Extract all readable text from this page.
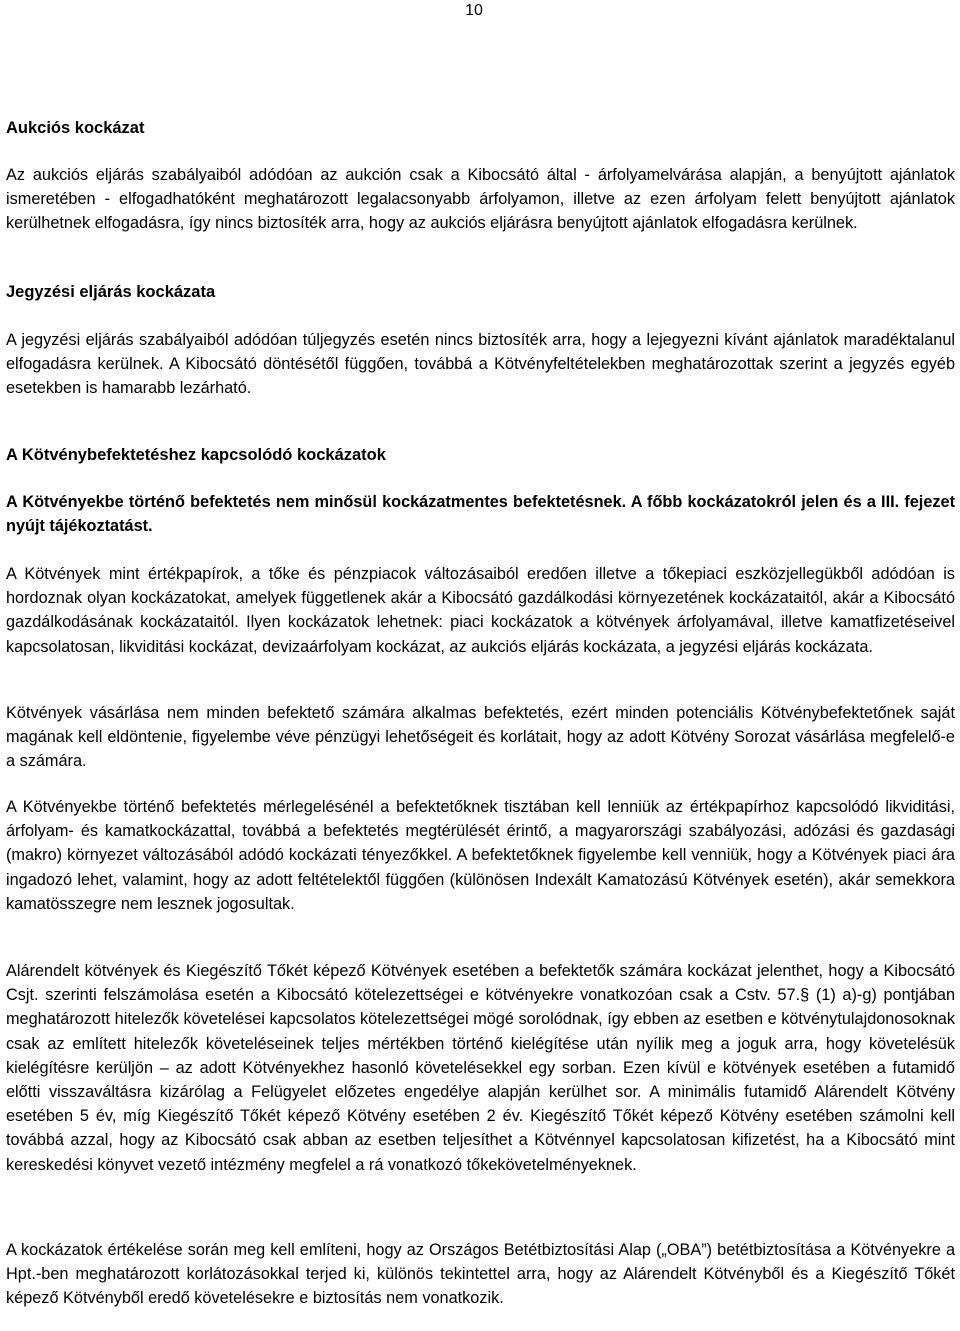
10
Aukciós kockázat

Az aukciós eljárás szabályaiból adódóan az aukción csak a Kibocsátó által - árfolyamelvárása alapján, a benyújtott ajánlatok ismeretében - elfogadhatóként meghatározott legalacsonyabb árfolyamon, illetve az ezen árfolyam felett benyújtott ajánlatok kerülhetnek elfogadásra, így nincs biztosíték arra, hogy az aukciós eljárásra benyújtott ajánlatok elfogadásra kerülnek.

Jegyzési eljárás kockázata

A jegyzési eljárás szabályaiból adódóan túljegyzés esetén nincs biztosíték arra, hogy a lejegyezni kívánt ajánlatok maradéktalanul elfogadásra kerülnek. A Kibocsátó döntésétől függően, továbbá a Kötvényfeltételekben meghatározottak szerint a jegyzés egyéb esetekben is hamarabb lezárható.

A Kötvénybefektetéshez kapcsolódó kockázatok

A Kötvényekbe történő befektetés nem minősül kockázatmentes befektetésnek. A főbb kockázatokról jelen és a III. fejezet nyújt tájékoztatást.

A Kötvények mint értékpapírok, a tőke és pénzpiacok változásaiból eredően illetve a tőkepiaci eszközjellegükből adódóan is hordoznak olyan kockázatokat, amelyek függetlenek akár a Kibocsátó gazdálkodási környezetének kockázataitól, akár a Kibocsátó gazdálkodásának kockázataitól. Ilyen kockázatok lehetnek: piaci kockázatok a kötvények árfolyamával, illetve kamatfizetéseivel kapcsolatosan, likviditási kockázat, devizaárfolyam kockázat, az aukciós eljárás kockázata, a jegyzési eljárás kockázata.

Kötvények vásárlása nem minden befektető számára alkalmas befektetés, ezért minden potenciális Kötvénybefektetőnek saját magának kell eldöntenie, figyelembe véve pénzügyi lehetőségeit és korlátait, hogy az adott Kötvény Sorozat vásárlása megfelelő-e a számára.

A Kötvényekbe történő befektetés mérlegelésénél a befektetőknek tisztában kell lenniük az értékpapírhoz kapcsolódó likviditási, árfolyam- és kamatkockázattal, továbbá a befektetés megtérülését érintő, a magyarországi szabályozási, adózási és gazdasági (makro) környezet változásából adódó kockázati tényezőkkel. A befektetőknek figyelembe kell venniük, hogy a Kötvények piaci ára ingadozó lehet, valamint, hogy az adott feltételektől függően (különösen Indexált Kamatozású Kötvények esetén), akár semekkora kamatösszegre nem lesznek jogosultak.

Alárendelt kötvények és Kiegészítő Tőkét képező Kötvények esetében a befektetők számára kockázat jelenthet, hogy a Kibocsátó Csjt. szerinti felszámolása esetén a Kibocsátó kötelezettségei e kötvényekre vonatkozóan csak a Cstv. 57.§ (1) a)-g) pontjában meghatározott hitelezők követelései kapcsolatos kötelezettségei mögé sorolódnak, így ebben az esetben e kötvénytulajdonosoknak csak az említett hitelezők követeléseinek teljes mértékben történő kielégítése után nyílik meg a joguk arra, hogy követelésük kielégítésre kerüljön – az adott Kötvényekhez hasonló követelésekkel egy sorban. Ezen kívül e kötvények esetében a futamidő előtti visszaváltásra kizárólag a Felügyelet előzetes engedélye alapján kerülhet sor. A minimális futamidő Alárendelt Kötvény esetében 5 év, míg Kiegészítő Tőkét képező Kötvény esetében 2 év. Kiegészítő Tőkét képező Kötvény esetében számolni kell továbbá azzal, hogy az Kibocsátó csak abban az esetben teljesíthet a Kötvénnyel kapcsolatosan kifizetést, ha a Kibocsátó mint kereskedési könyvet vezető intézmény megfelel a rá vonatkozó tőkekövetelményeknek.

A kockázatok értékelése során meg kell említeni, hogy az Országos Betétbiztosítási Alap („OBA”) betétbiztosítása a Kötvényekre a Hpt.-ben meghatározott korlátozásokkal terjed ki, különös tekintettel arra, hogy az Alárendelt Kötvényből és a Kiegészítő Tőkét képező Kötvényből eredő követelésekre e biztosítás nem vonatkozik.
